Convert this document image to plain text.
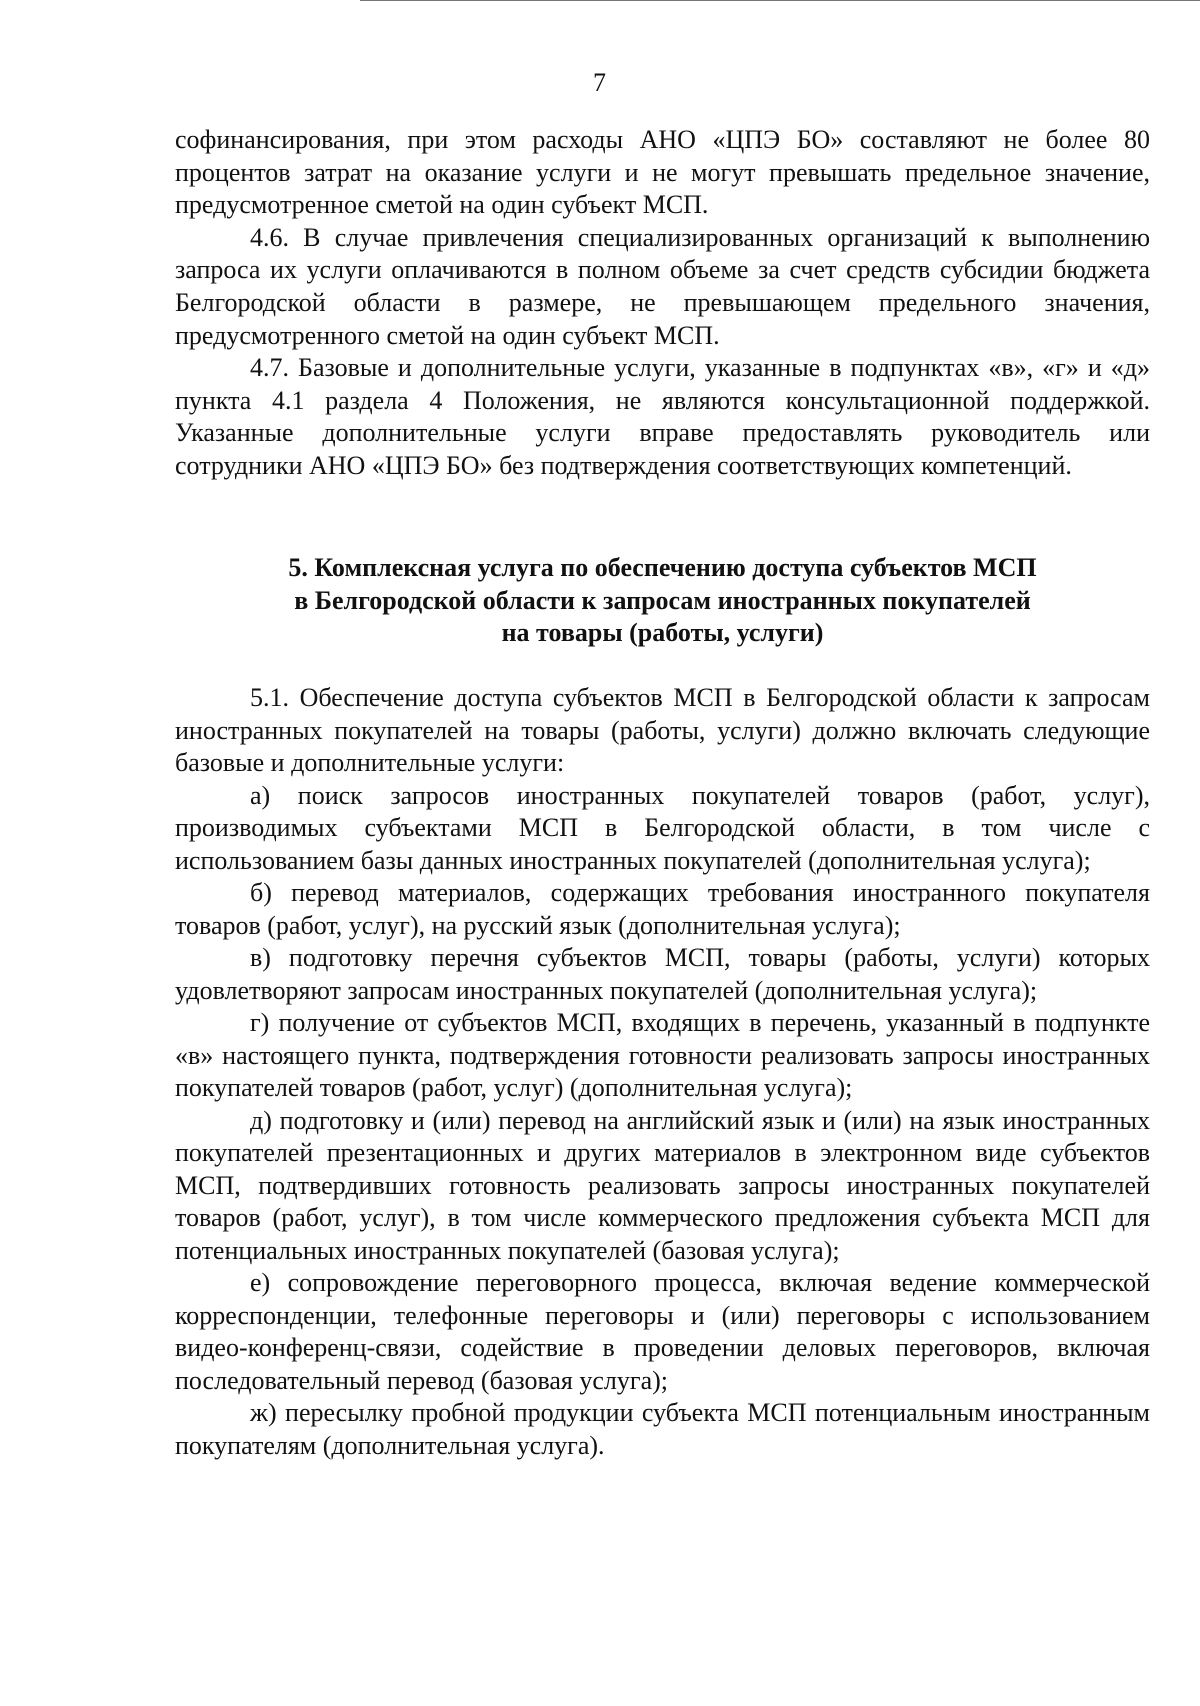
7

софинансирования, при этом расходы АНО «ЦПЭ БО» составляют не более 80 процентов затрат на оказание услуги и не могут превышать предельное значение, предусмотренное сметой на один субъект МСП.

4.6. В случае привлечения специализированных организаций к выполнению запроса их услуги оплачиваются в полном объеме за счет средств субсидии бюджета Белгородской области в размере, не превышающем предельного значения, предусмотренного сметой на один субъект МСП.

4.7. Базовые и дополнительные услуги, указанные в подпунктах «в», «г» и «д» пункта 4.1 раздела 4 Положения, не являются консультационной поддержкой. Указанные дополнительные услуги вправе предоставлять руководитель или сотрудники АНО «ЦПЭ БО» без подтверждения соответствующих компетенций.

5. Комплексная услуга по обеспечению доступа субъектов МСП
в Белгородской области к запросам иностранных покупателей
на товары (работы, услуги)

5.1. Обеспечение доступа субъектов МСП в Белгородской области к запросам иностранных покупателей на товары (работы, услуги) должно включать следующие базовые и дополнительные услуги:

а) поиск запросов иностранных покупателей товаров (работ, услуг), производимых субъектами МСП в Белгородской области, в том числе с использованием базы данных иностранных покупателей (дополнительная услуга);

б) перевод материалов, содержащих требования иностранного покупателя товаров (работ, услуг), на русский язык (дополнительная услуга);

в) подготовку перечня субъектов МСП, товары (работы, услуги) которых удовлетворяют запросам иностранных покупателей (дополнительная услуга);

г) получение от субъектов МСП, входящих в перечень, указанный в подпункте «в» настоящего пункта, подтверждения готовности реализовать запросы иностранных покупателей товаров (работ, услуг) (дополнительная услуга);

д) подготовку и (или) перевод на английский язык и (или) на язык иностранных покупателей презентационных и других материалов в электронном виде субъектов МСП, подтвердивших готовность реализовать запросы иностранных покупателей товаров (работ, услуг), в том числе коммерческого предложения субъекта МСП для потенциальных иностранных покупателей (базовая услуга);

е) сопровождение переговорного процесса, включая ведение коммерческой корреспонденции, телефонные переговоры и (или) переговоры с использованием видео-конференц-связи, содействие в проведении деловых переговоров, включая последовательный перевод (базовая услуга);

ж) пересылку пробной продукции субъекта МСП потенциальным иностранным покупателям (дополнительная услуга).
